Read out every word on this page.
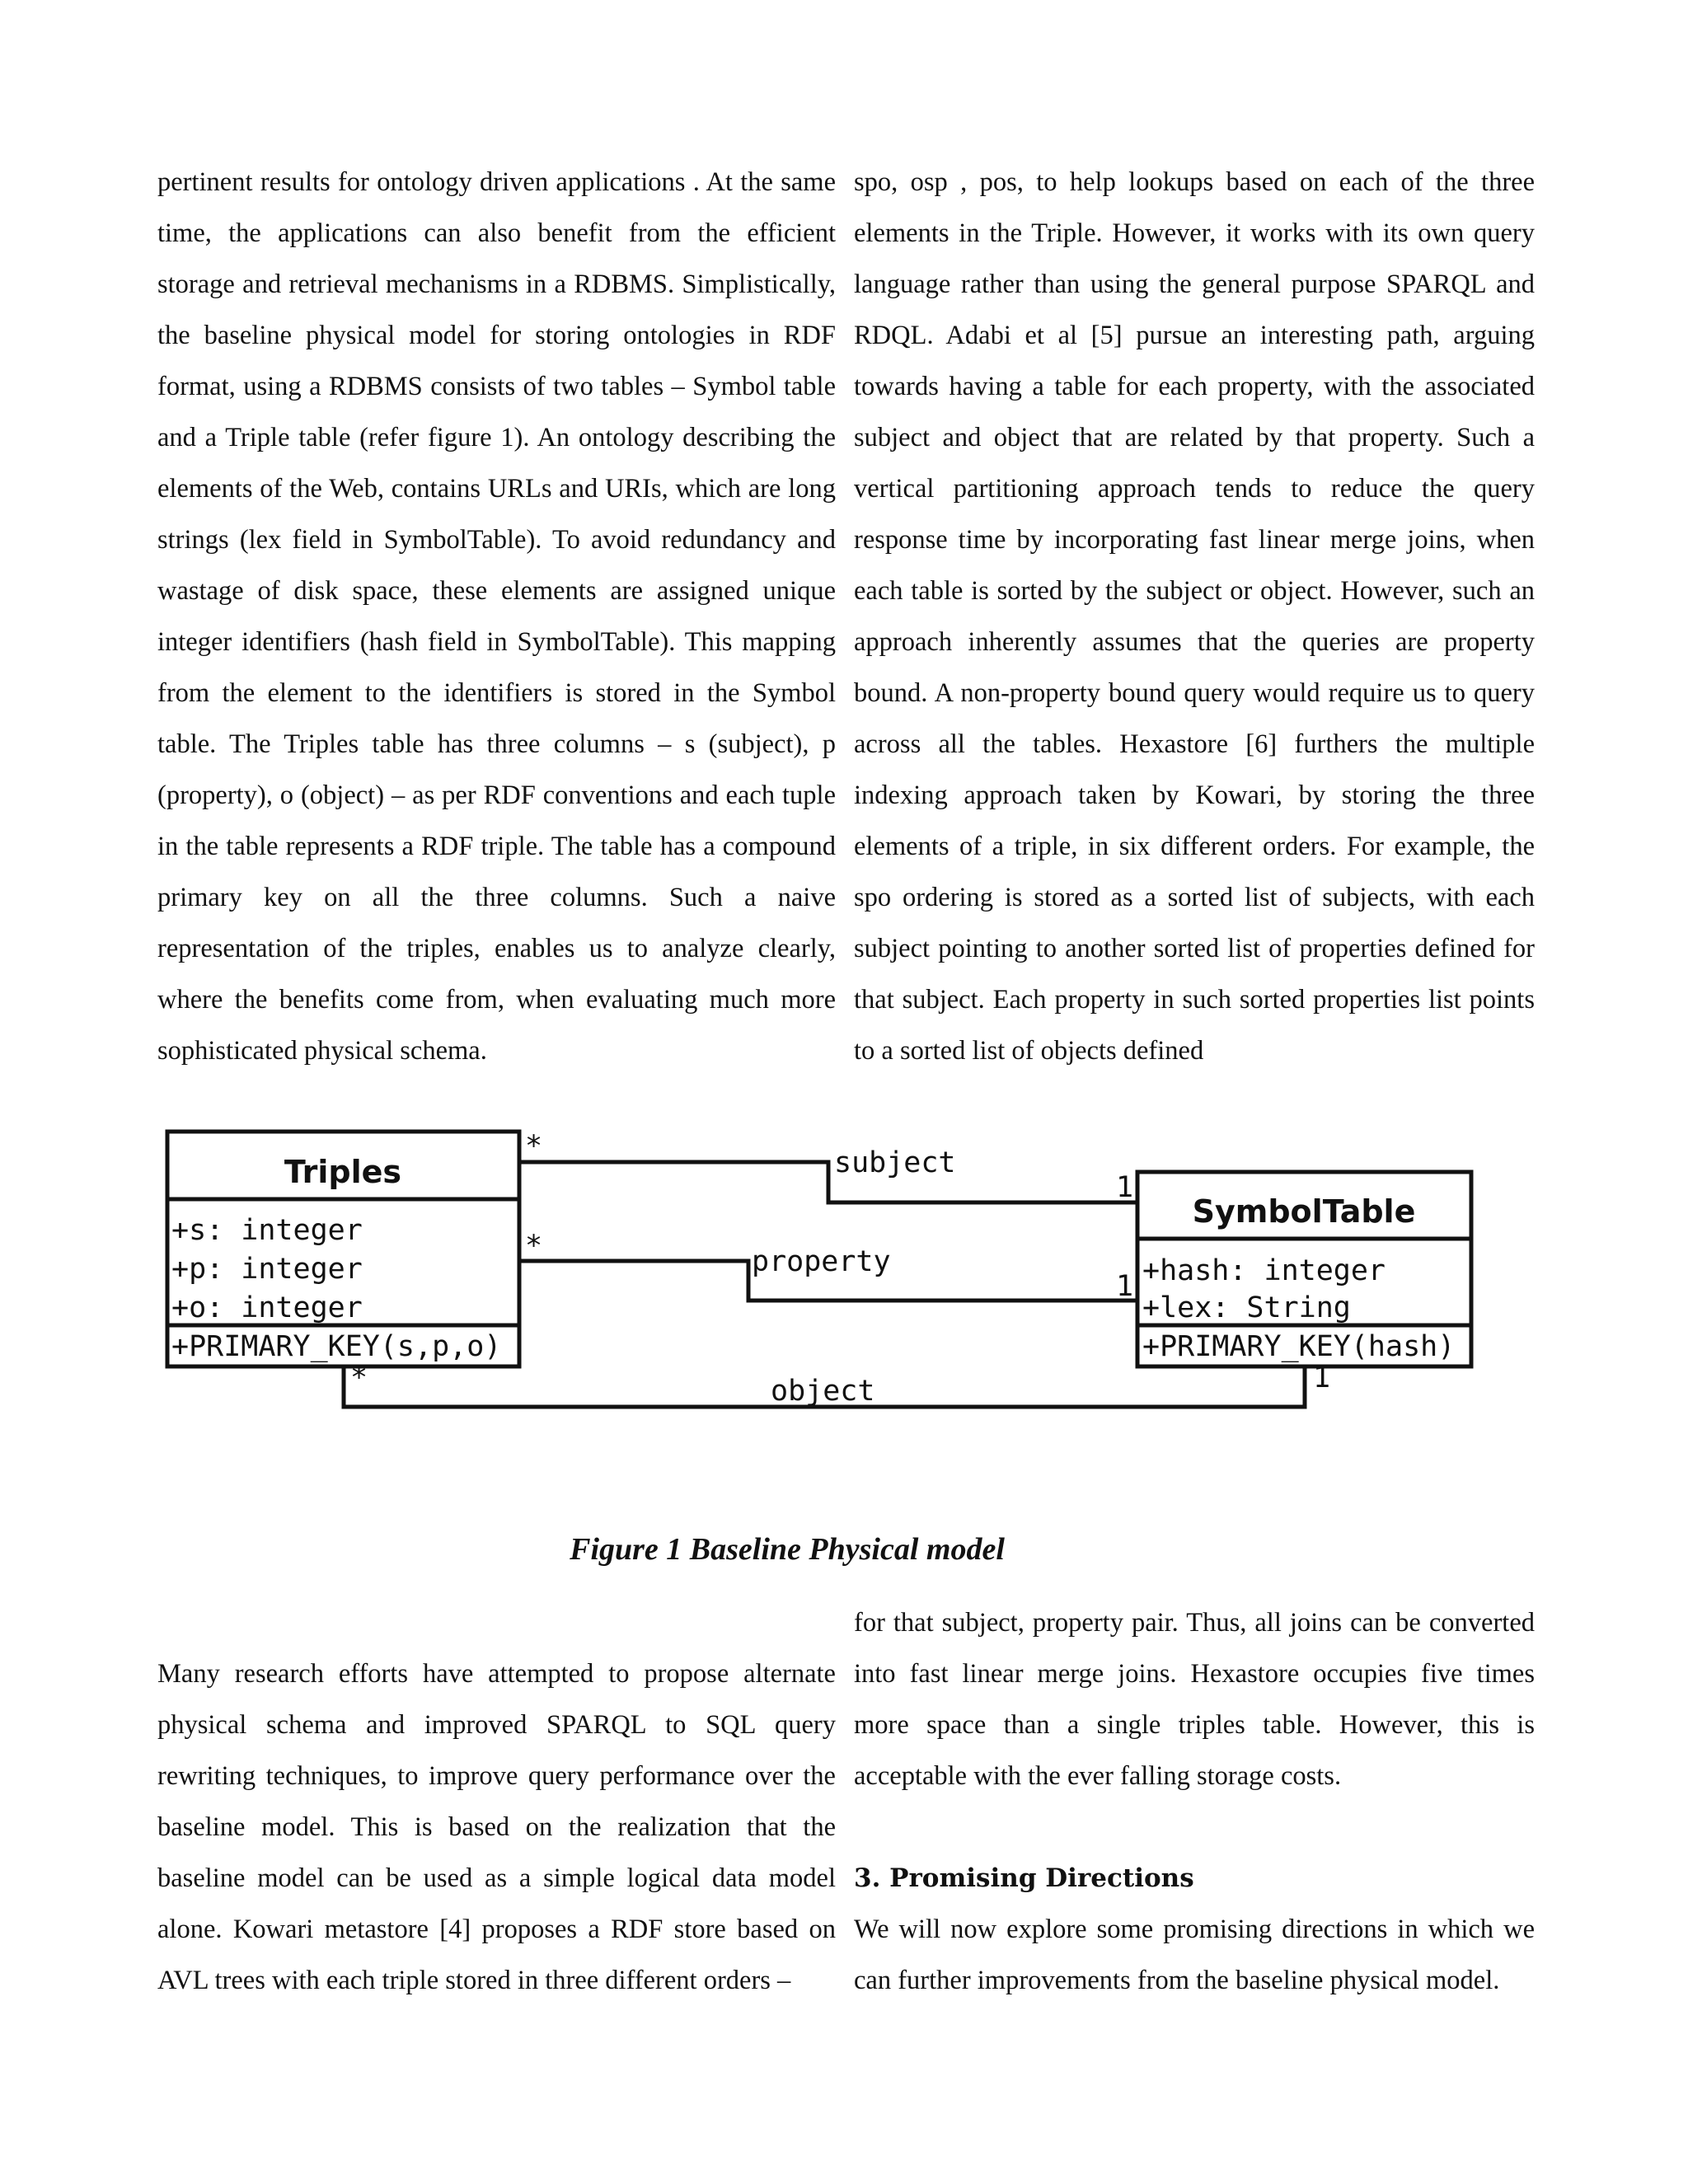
pertinent results for ontology driven applications . At the same time, the applications can also benefit from the efficient storage and retrieval mechanisms in a RDBMS. Simplistically, the baseline physical model for storing ontologies in RDF format, using a RDBMS consists of two tables – Symbol table and a Triple table (refer figure 1). An ontology describing the elements of the Web, contains URLs and URIs, which are long strings (lex field in SymbolTable). To avoid redundancy and wastage of disk space, these elements are assigned unique integer identifiers (hash field in SymbolTable). This mapping from the element to the identifiers is stored in the Symbol table. The Triples table has three columns – s (subject), p (property), o (object) – as per RDF conventions and each tuple in the table represents a RDF triple. The table has a compound primary key on all the three columns. Such a naive representation of the triples, enables us to analyze clearly, where the benefits come from, when evaluating much more sophisticated physical schema.

spo, osp , pos, to help lookups based on each of the three elements in the Triple. However, it works with its own query language rather than using the general purpose SPARQL and RDQL. Adabi et al [5] pursue an interesting path, arguing towards having a table for each property, with the associated subject and object that are related by that property. Such a vertical partitioning approach tends to reduce the query response time by incorporating fast linear merge joins, when each table is sorted by the subject or object. However, such an approach inherently assumes that the queries are property bound. A non-property bound query would require us to query across all the tables. Hexastore [6] furthers the multiple indexing approach taken by Kowari, by storing the three elements of a triple, in six different orders. For example, the spo ordering is stored as a sorted list of subjects, with each subject pointing to another sorted list of properties defined for that subject. Each property in such sorted properties list points to a sorted list of objects defined

Triples
+s: integer
+p: integer
+o: integer
+PRIMARY_KEY(s,p,o)
SymbolTable
+hash: integer
+lex: String
+PRIMARY_KEY(hash)
subject
*
1
property
*
1
object
*	1

Figure 1 Baseline Physical model

for that subject, property pair. Thus, all joins can be converted into fast linear merge joins. Hexastore occupies five times more space than a single triples table. However, this is acceptable with the ever falling storage costs.

Many research efforts have attempted to propose alternate physical schema and improved SPARQL to SQL query rewriting techniques, to improve query performance over the baseline model. This is based on the realization that the baseline model can be used as a simple logical data model alone. Kowari metastore [4] proposes a RDF store based on AVL trees with each triple stored in three different orders –

3. Promising Directions

We will now explore some promising directions in which we can further improvements from the baseline physical model.
